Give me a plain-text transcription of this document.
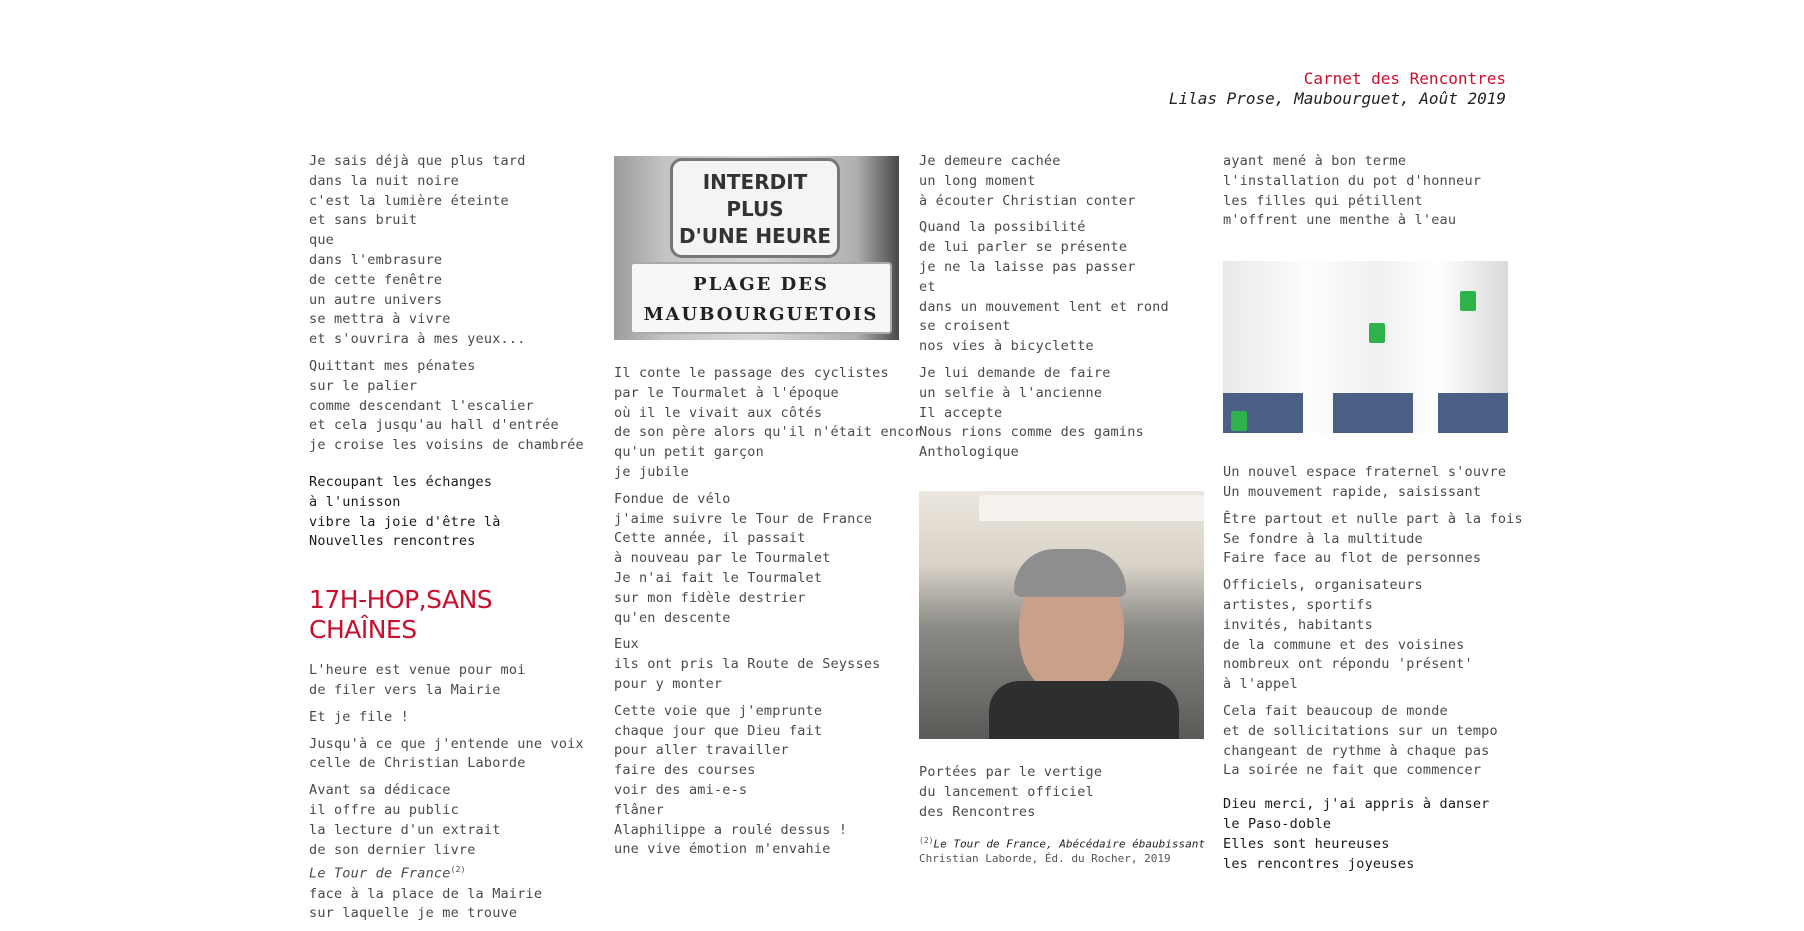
Carnet des Rencontres
Lilas Prose, Maubourguet, Août 2019

Je sais déjà que plus tard
dans la nuit noire
c'est la lumière éteinte
et sans bruit
que
dans l'embrasure
de cette fenêtre
un autre univers
se mettra à vivre
et s'ouvrira à mes yeux...

Quittant mes pénates
sur le palier
comme descendant l'escalier
et cela jusqu'au hall d'entrée
je croise les voisins de chambrée

Recoupant les échanges
à l'unisson
vibre la joie d'être là
Nouvelles rencontres

17H-HOP,SANS CHAÎNES

L'heure est venue pour moi
de filer vers la Mairie

Et je file !

Jusqu'à ce que j'entende une voix
celle de Christian Laborde

Avant sa dédicace
il offre au public
la lecture d'un extrait
de son dernier livre

Le Tour de France$^{(2)}$

face à la place de la Mairie
sur laquelle je me trouve

INTERDIT
PLUS
D'UNE HEURE
PLAGE DES
MAUBOURGUETOIS

Il conte le passage des cyclistes
par le Tourmalet à l'époque
où il le vivait aux côtés
de son père alors qu'il n'était encor
qu'un petit garçon
je jubile

Fondue de vélo
j'aime suivre le Tour de France
Cette année, il passait
à nouveau par le Tourmalet
Je n'ai fait le Tourmalet
sur mon fidèle destrier
qu'en descente

Eux
ils ont pris la Route de Seysses
pour y monter

Cette voie que j'emprunte
chaque jour que Dieu fait
pour aller travailler
faire des courses
voir des ami-e-s
flâner
Alaphilippe a roulé dessus !
une vive émotion m'envahie

Je demeure cachée
un long moment
à écouter Christian conter

Quand la possibilité
de lui parler se présente
je ne la laisse pas passer
et
dans un mouvement lent et rond
se croisent
nos vies à bicyclette

Je lui demande de faire
un selfie à l'ancienne
Il accepte
Nous rions comme des gamins
Anthologique

Portées par le vertige
du lancement officiel
des Rencontres

$^{(2)}$Le Tour de France, Abécédaire ébaubissant
Christian Laborde, Éd. du Rocher, 2019

ayant mené à bon terme
l'installation du pot d'honneur
les filles qui pétillent
m'offrent une menthe à l'eau

Un nouvel espace fraternel s'ouvre
Un mouvement rapide, saisissant

Être partout et nulle part à la fois
Se fondre à la multitude
Faire face au flot de personnes

Officiels, organisateurs
artistes, sportifs
invités, habitants
de la commune et des voisines
nombreux ont répondu 'présent'
à l'appel

Cela fait beaucoup de monde
et de sollicitations sur un tempo
changeant de rythme à chaque pas
La soirée ne fait que commencer

Dieu merci, j'ai appris à danser
le Paso-doble
Elles sont heureuses
les rencontres joyeuses
